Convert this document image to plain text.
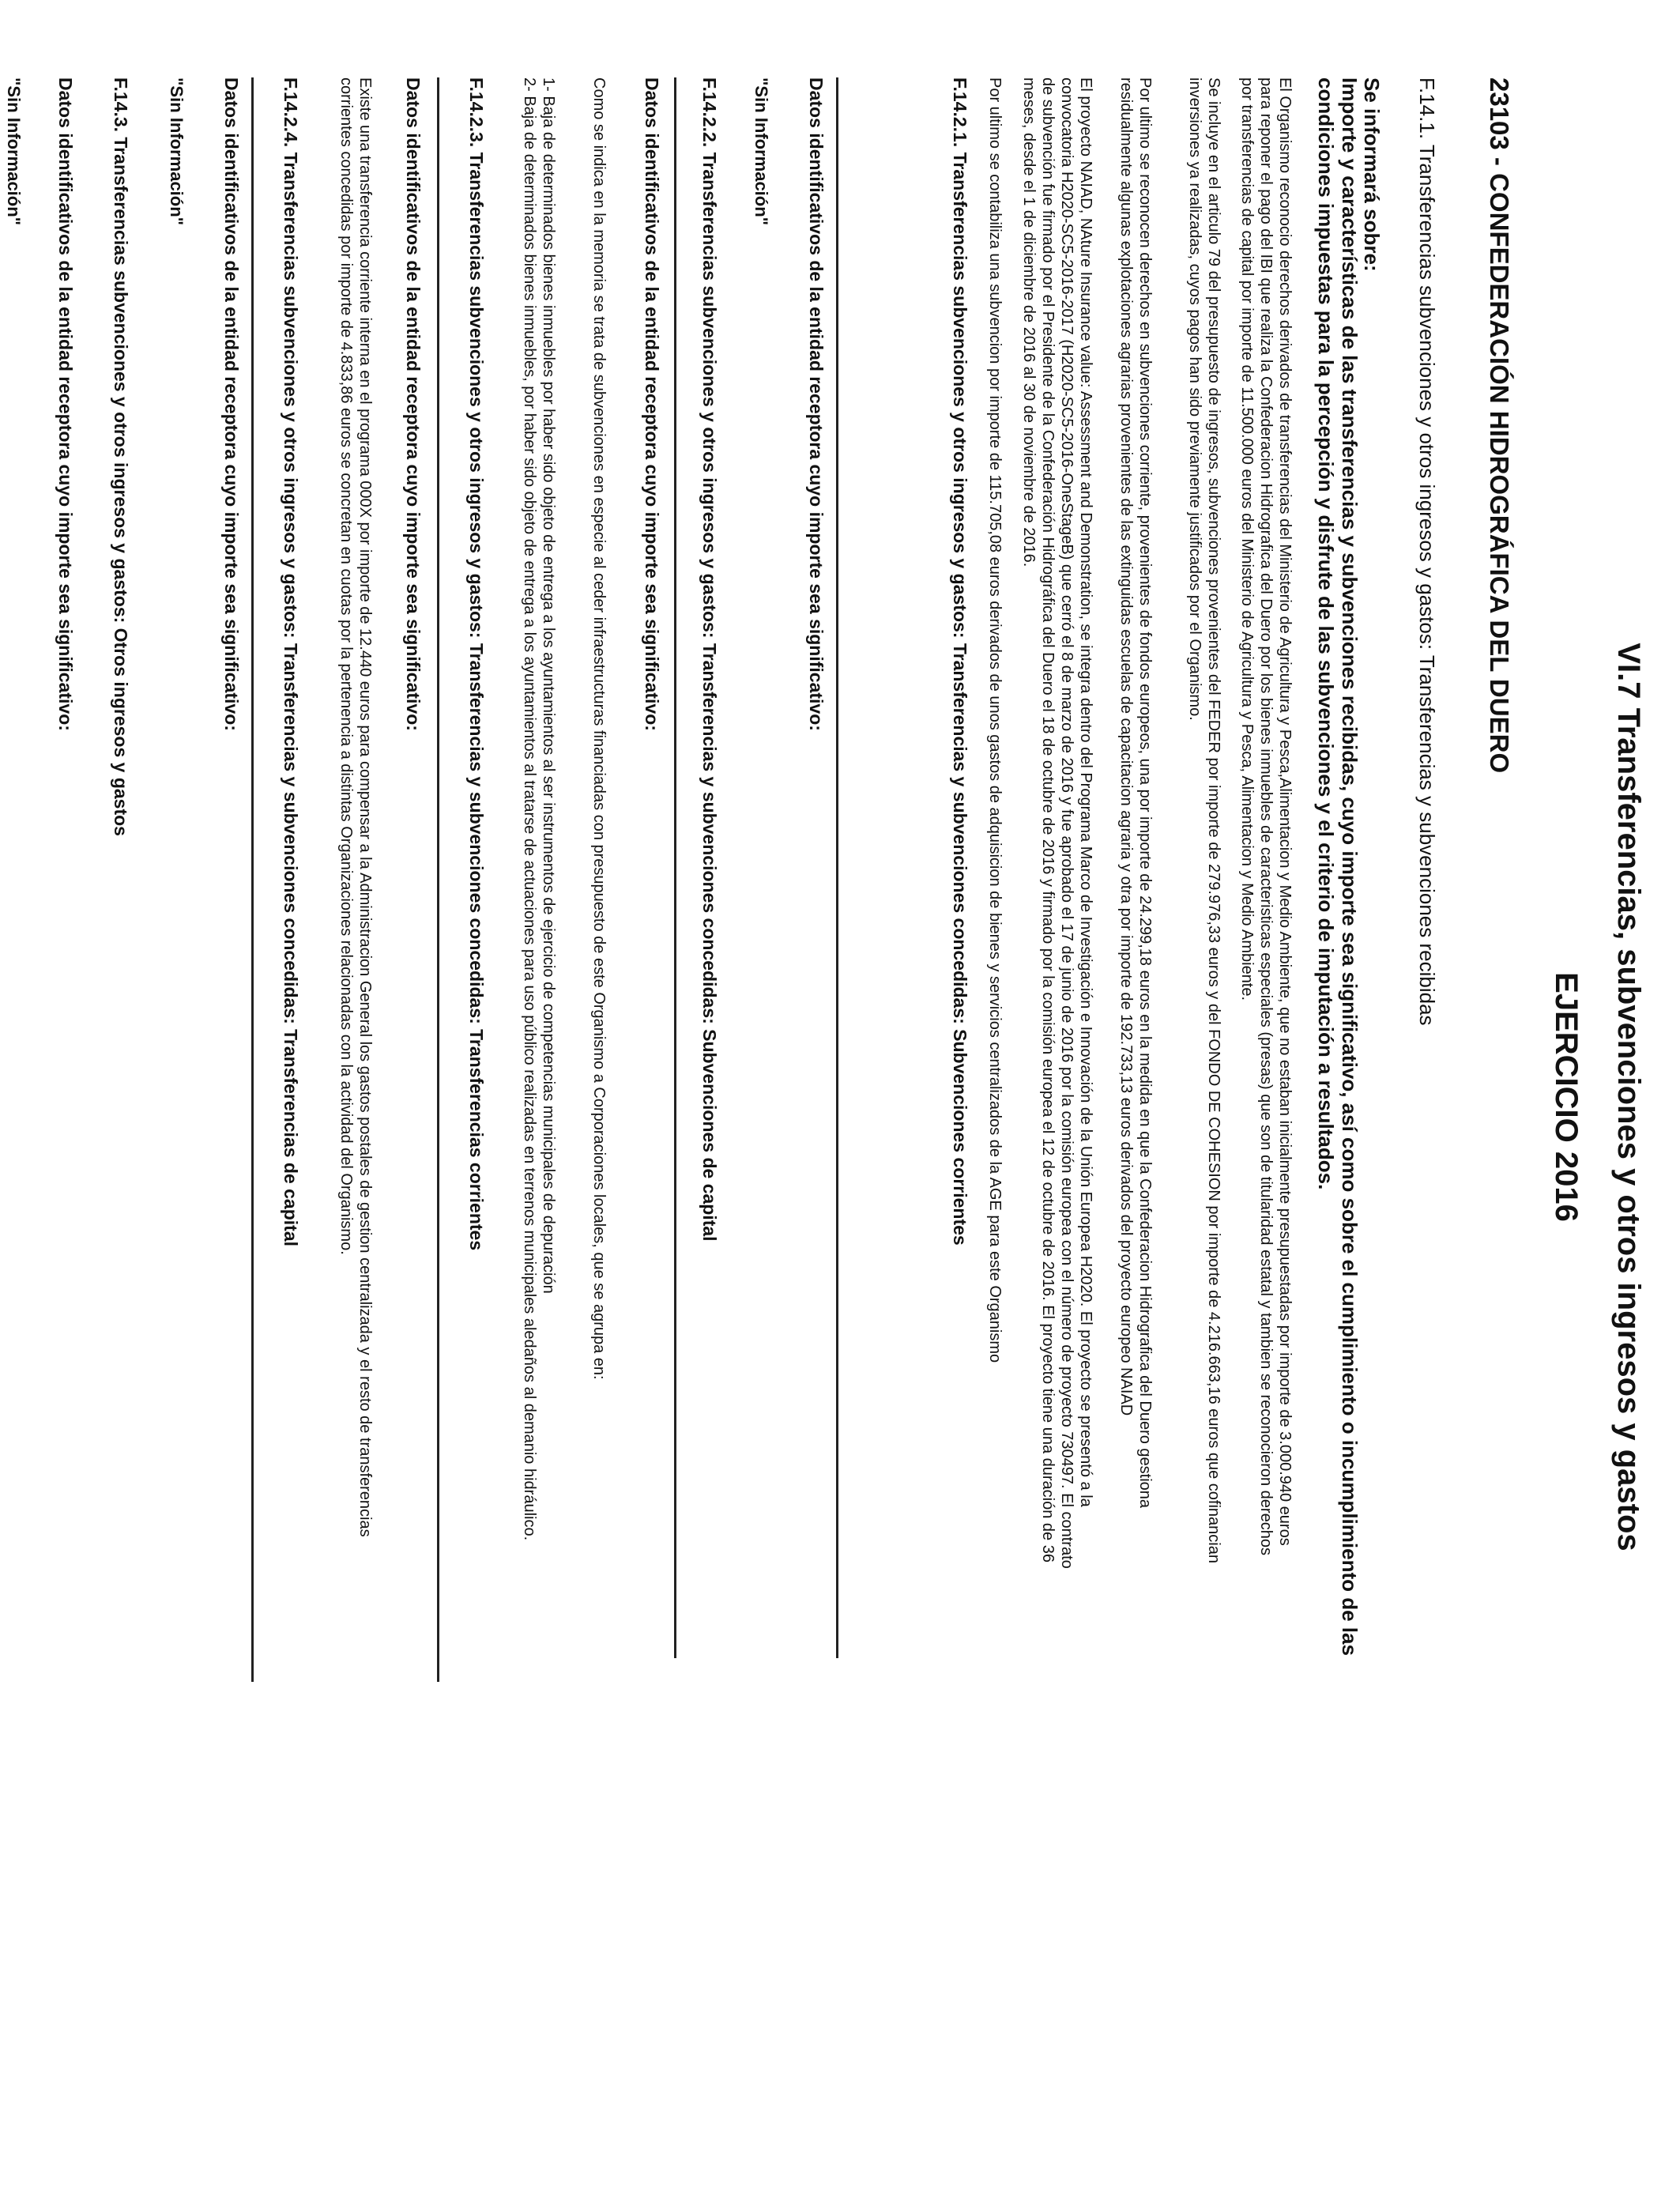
VI.7 Transferencias, subvenciones y otros ingresos y gastos
EJERCICIO 2016
23103 - CONFEDERACIÓN HIDROGRÁFICA DEL DUERO
F.14.1. Transferencias subvenciones y otros ingresos y gastos: Transferencias y subvenciones recibidas
Se informará sobre:
Importe y características de las transferencias y subvenciones recibidas, cuyo importe sea significativo, así como sobre el cumplimiento o incumplimiento de las
condiciones impuestas para la percepción y disfrute de las subvenciones y el criterio de imputación a resultados.
El Organismo reconocio derechos derivados de transferencias del Ministerio de Agricultura y Pesca,Alimentacion y Medio Ambiente, que no estaban inicialmente presupuestadas por importe de 3.000.940 euros
para reponer el pago del IBI que realiza la Confederacion Hidrografica del Duero por los bienes inmuebles de caracteristicas especiales (presas) que son de titularidad estatal y tambien se reconocieron derechos
por transferencias de capital por importe de 11.500.000 euros del Ministerio de Agricultura y Pesca, Alimentacion y Medio Ambiente.
Se incluye en el articulo 79 del presupuesto de ingresos, subvenciones provenientes del FEDER por importe de 279.976,33 euros y del FONDO DE COHESION por importe de 4.216.663,16 euros que cofinancian
inversiones ya realizadas, cuyos pagos han sido previamente justificados por el Organismo.
Por ultimo se reconocen derechos en subvenciones corriente, provenientes de fondos europeos, una por importe de 24.299,18 euros en la medida en que la Confederacion Hidrografica del Duero gestiona
residualmente algunas explotaciones agrarias provenientes de las extinguidas escuelas de capacitacion agraria y otra por importe de 192.733,13 euros derivados del proyecto europeo NAIAD
El proyecto NAIAD, NAture Insurance value: Assessment and Demonstration, se integra dentro del Programa Marco de Investigación e Innovación de la Unión Europea H2020. El proyecto se presentó a la
convocatoria H2020-SC5-2016-2017 (H2020-SC5-2016-OneStageB) que cerró el 8 de marzo de 2016 y fue aprobado el 17 de junio de 2016 por la comisión europea con el número de proyecto 730497. El contrato
de subvención fue firmado por el Presidente de la Confederación Hidrográfica del Duero el 18 de octubre de 2016 y firmado por la comisión europea el 12 de octubre de 2016. El proyecto tiene una duración de 36
meses, desde el 1 de diciembre de 2016 al 30 de noviembre de 2016.
Por ultimo se contabiliza una subvencion por importe de 115.705,08 euros derivados de unos gastos de adquisicion de bienes y servicios centralizados de la AGE para este Organismo
F.14.2.1. Transferencias subvenciones y otros ingresos y gastos: Transferencias y subvenciones concedidas: Subvenciones corrientes
Datos identificativos de la entidad receptora cuyo importe sea significativo:
"Sin Información"
F.14.2.2. Transferencias subvenciones y otros ingresos y gastos: Transferencias y subvenciones concedidas: Subvenciones de capital
Datos identificativos de la entidad receptora cuyo importe sea significativo:
Como se indica en la memoria se trata de subvenciones en especie al ceder infraestructuras financiadas con presupuesto de este Organismo a Corporaciones locales, que se agrupa en:
1- Baja de determinados bienes inmuebles por haber sido objeto de entrega a los ayuntamientos al ser instrumentos de ejercicio de competencias municipales de depuración
2- Baja de determinados bienes inmuebles, por haber sido objeto de entrega a los ayuntamientos al tratarse de actuaciones para uso público realizadas en terrenos municipales aledaños al demanio hidráulico.
F.14.2.3. Transferencias subvenciones y otros ingresos y gastos: Transferencias y subvenciones concedidas: Transferencias corrientes
Datos identificativos de la entidad receptora cuyo importe sea significativo:
Existe una transferencia corriente interna en el programa 000X por importe de 12.440 euros para compensar a la Administracion General los gastos postales de gestion centralizada y el resto de transferencias
corrientes concedidas por importe de 4.833,86 euros se concretan en cuotas por la pertenencia a distintas Organizaciones relacionadas con la actividad del Organismo.
F.14.2.4. Transferencias subvenciones y otros ingresos y gastos: Transferencias y subvenciones concedidas: Transferencias de capital
Datos identificativos de la entidad receptora cuyo importe sea significativo:
"Sin Información"
F.14.3. Transferencias subvenciones y otros ingresos y gastos: Otros ingresos y gastos
Datos identificativos de la entidad receptora cuyo importe sea significativo:
"Sin Información"
